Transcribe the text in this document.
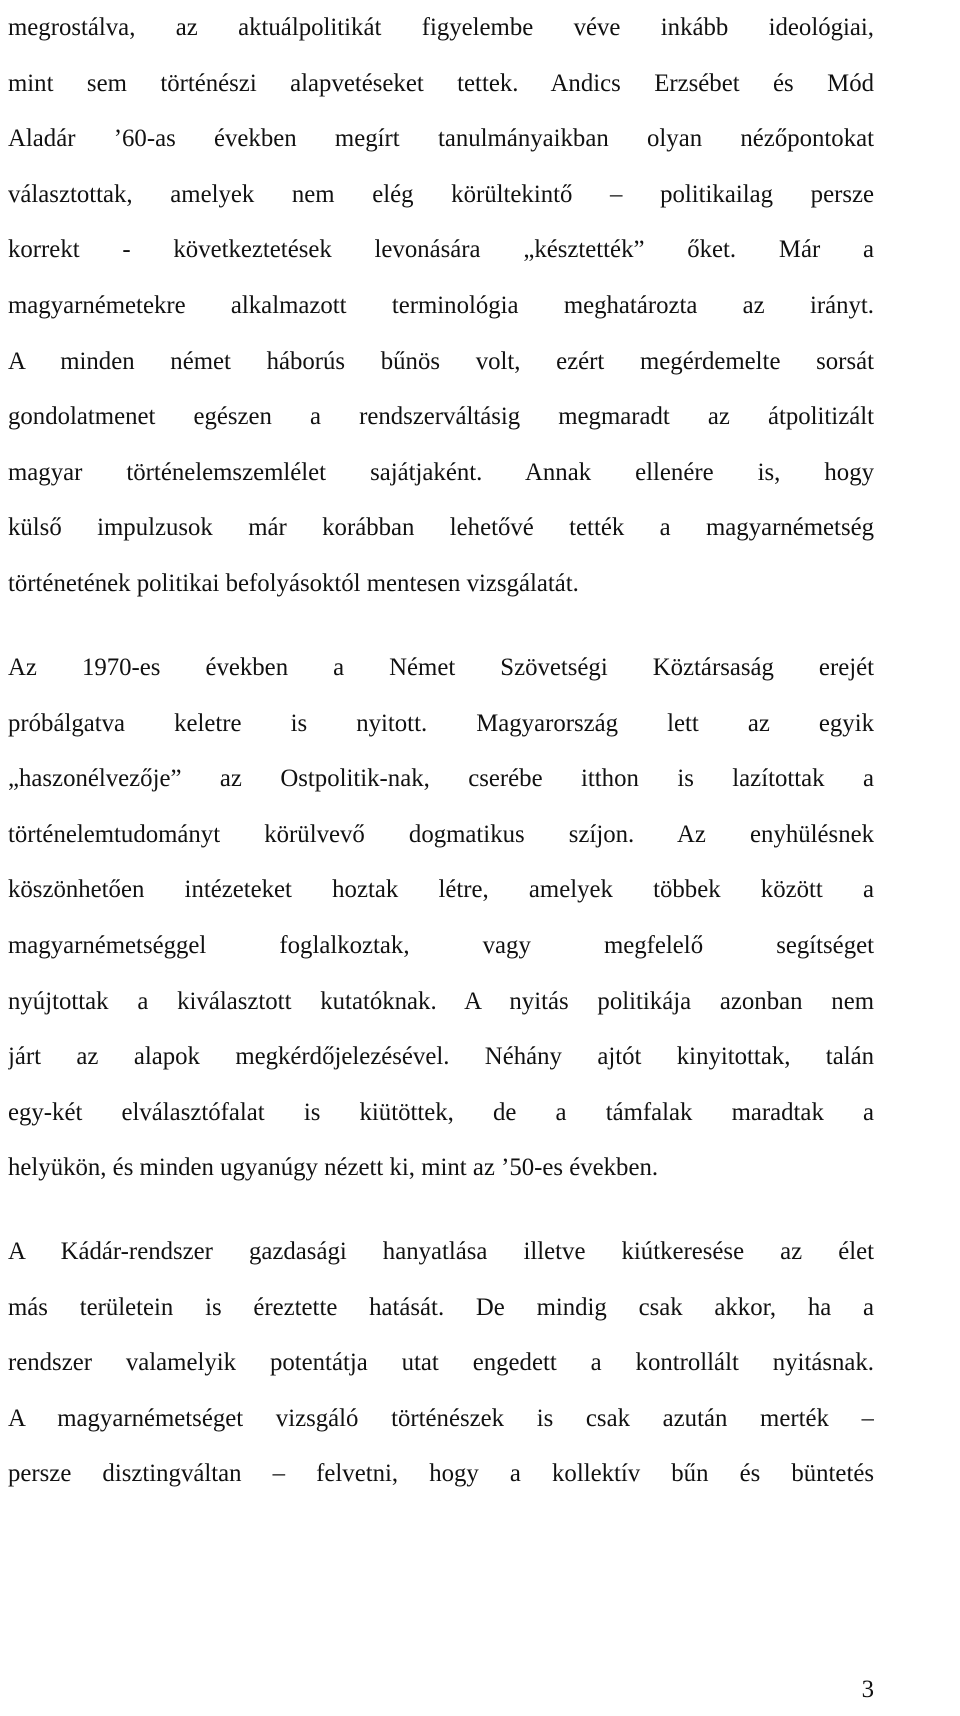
megrostálva, az aktuálpolitikát figyelembe véve inkább ideológiai,
mint sem történészi alapvetéseket tettek. Andics Erzsébet és Mód
Aladár ’60-as években megírt tanulmányaikban olyan nézőpontokat
választottak, amelyek nem elég körültekintő – politikailag persze
korrekt - következtetések levonására „késztették” őket. Már a
magyarnémetekre alkalmazott terminológia meghatározta az irányt.
A minden német háborús bűnös volt, ezért megérdemelte sorsát
gondolatmenet egészen a rendszerváltásig megmaradt az átpolitizált
magyar történelemszemlélet sajátjaként. Annak ellenére is, hogy
külső impulzusok már korábban lehetővé tették a magyarnémetség
történetének politikai befolyásoktól mentesen vizsgálatát.
Az 1970-es években a Német Szövetségi Köztársaság erejét
próbálgatva keletre is nyitott. Magyarország lett az egyik
„haszonélvezője” az Ostpolitik-nak, cserébe itthon is lazítottak a
történelemtudományt körülvevő dogmatikus szíjon. Az enyhülésnek
köszönhetően intézeteket hoztak létre, amelyek többek között a
magyarnémetséggel foglalkoztak, vagy megfelelő segítséget
nyújtottak a kiválasztott kutatóknak. A nyitás politikája azonban nem
járt az alapok megkérdőjelezésével. Néhány ajtót kinyitottak, talán
egy-két elválasztófalat is kiütöttek, de a támfalak maradtak a
helyükön, és minden ugyanúgy nézett ki, mint az ’50-es években.
A Kádár-rendszer gazdasági hanyatlása illetve kiútkeresése az élet
más területein is éreztette hatását. De mindig csak akkor, ha a
rendszer valamelyik potentátja utat engedett a kontrollált nyitásnak.
A magyarnémetséget vizsgáló történészek is csak azután merték –
persze disztingváltan – felvetni, hogy a kollektív bűn és büntetés
3
